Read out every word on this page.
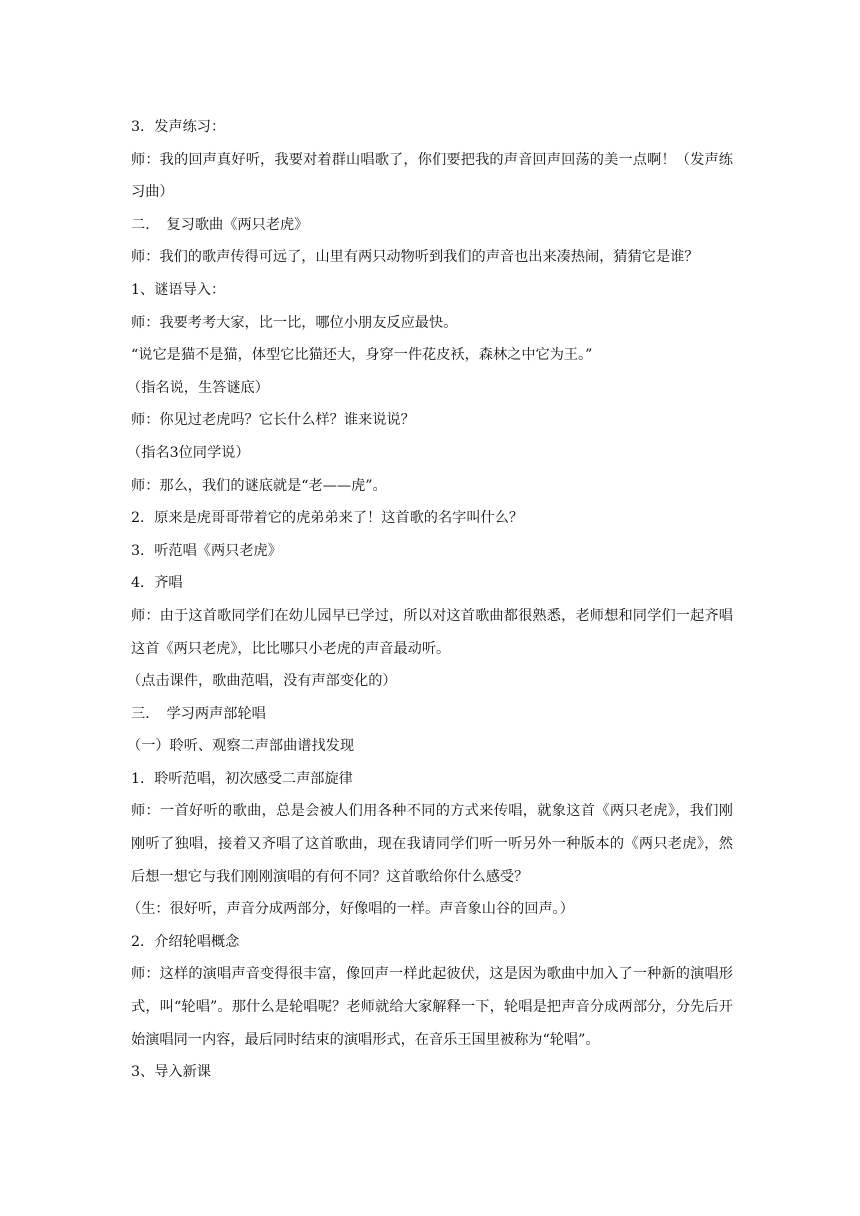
3．发声练习：

师：我的回声真好听，我要对着群山唱歌了，你们要把我的声音回声回荡的美一点啊！（发声练习曲）

二．　复习歌曲《两只老虎》

师：我们的歌声传得可远了，山里有两只动物听到我们的声音也出来凑热闹，猜猜它是谁？

1、谜语导入：

师：我要考考大家，比一比，哪位小朋友反应最快。

“说它是猫不是猫，体型它比猫还大，身穿一件花皮袄，森林之中它为王。”

（指名说，生答谜底）

师：你见过老虎吗？它长什么样？谁来说说？

（指名3位同学说）

师：那么，我们的谜底就是“老——虎”。

2．原来是虎哥哥带着它的虎弟弟来了！这首歌的名字叫什么？

3．听范唱《两只老虎》

4．齐唱

师：由于这首歌同学们在幼儿园早已学过，所以对这首歌曲都很熟悉，老师想和同学们一起齐唱这首《两只老虎》，比比哪只小老虎的声音最动听。

（点击课件，歌曲范唱，没有声部变化的）

三．　学习两声部轮唱

（一）聆听、观察二声部曲谱找发现

1．聆听范唱，初次感受二声部旋律

师：一首好听的歌曲，总是会被人们用各种不同的方式来传唱，就象这首《两只老虎》，我们刚刚听了独唱，接着又齐唱了这首歌曲，现在我请同学们听一听另外一种版本的《两只老虎》，然后想一想它与我们刚刚演唱的有何不同？这首歌给你什么感受？

（生：很好听，声音分成两部分，好像唱的一样。声音象山谷的回声。）

2．介绍轮唱概念

师：这样的演唱声音变得很丰富，像回声一样此起彼伏，这是因为歌曲中加入了一种新的演唱形式，叫“轮唱”。那什么是轮唱呢？老师就给大家解释一下，轮唱是把声音分成两部分，分先后开始演唱同一内容，最后同时结束的演唱形式，在音乐王国里被称为“轮唱”。

3、导入新课
